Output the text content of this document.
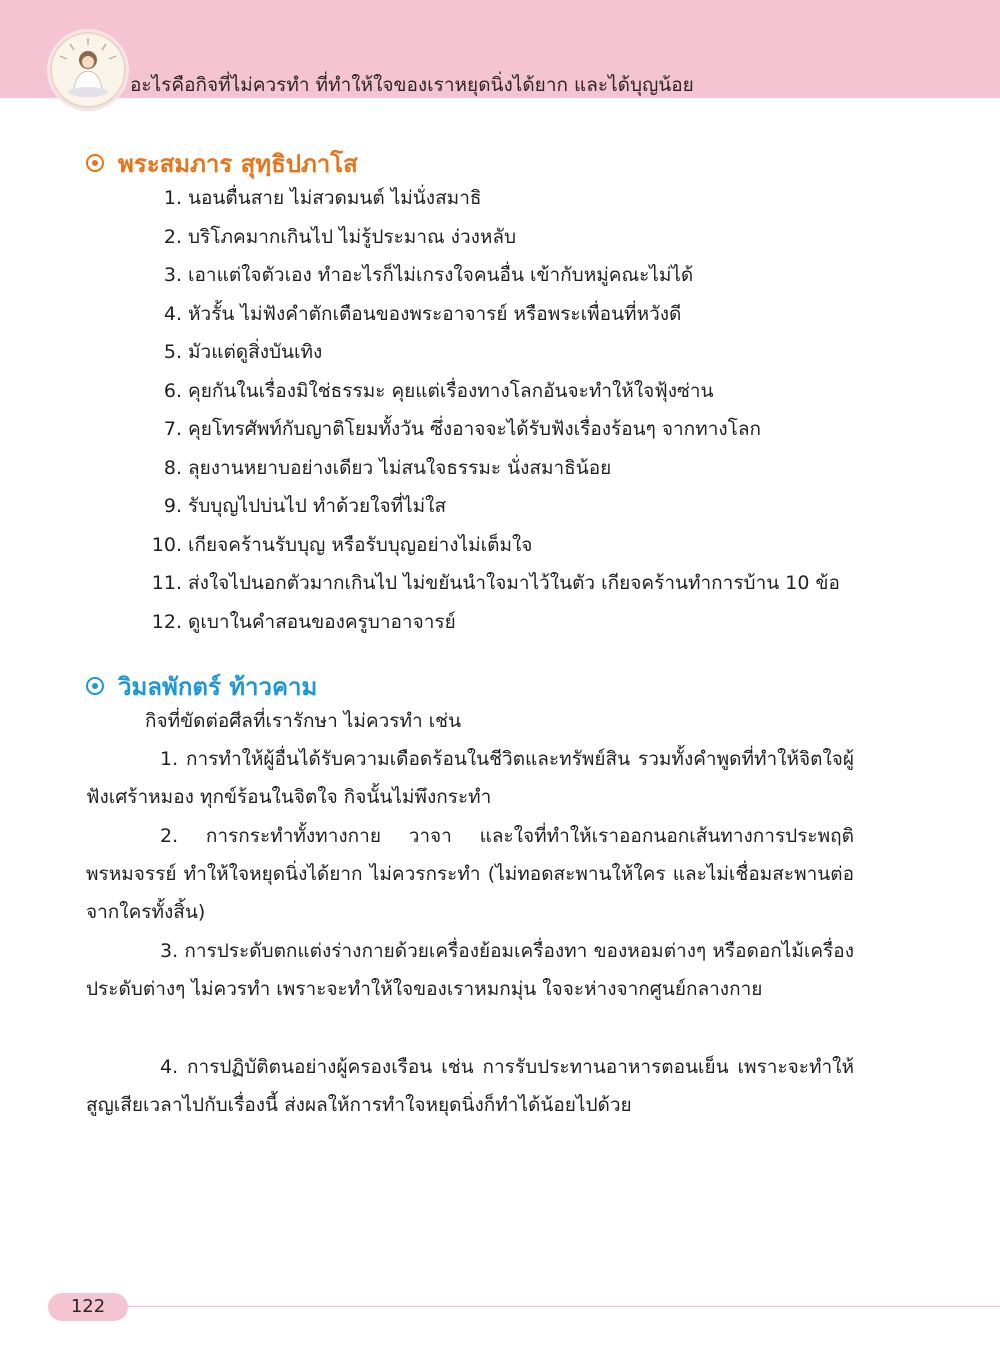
อะไรคือกิจที่ไม่ควรทำ ที่ทำให้ใจของเราหยุดนิ่งได้ยาก และได้บุญน้อย
พระสมภาร สุทฺธิปภาโส
1. นอนตื่นสาย ไม่สวดมนต์ ไม่นั่งสมาธิ
2. บริโภคมากเกินไป ไม่รู้ประมาณ ง่วงหลับ
3. เอาแต่ใจตัวเอง ทำอะไรก็ไม่เกรงใจคนอื่น เข้ากับหมู่คณะไม่ได้
4. หัวรั้น ไม่ฟังคำตักเตือนของพระอาจารย์ หรือพระเพื่อนที่หวังดี
5. มัวแต่ดูสิ่งบันเทิง
6. คุยกันในเรื่องมิใช่ธรรมะ คุยแต่เรื่องทางโลกอันจะทำให้ใจฟุ้งซ่าน
7. คุยโทรศัพท์กับญาติโยมทั้งวัน ซึ่งอาจจะได้รับฟังเรื่องร้อนๆ จากทางโลก
8. ลุยงานหยาบอย่างเดียว ไม่สนใจธรรมะ นั่งสมาธิน้อย
9. รับบุญไปบ่นไป ทำด้วยใจที่ไม่ใส
10. เกียจคร้านรับบุญ หรือรับบุญอย่างไม่เต็มใจ
11. ส่งใจไปนอกตัวมากเกินไป ไม่ขยันนำใจมาไว้ในตัว เกียจคร้านทำการบ้าน 10 ข้อ
12. ดูเบาในคำสอนของครูบาอาจารย์
วิมลพักตร์ ท้าวคาม
กิจที่ขัดต่อศีลที่เรารักษา ไม่ควรทำ เช่น
1. การทำให้ผู้อื่นได้รับความเดือดร้อนในชีวิตและทรัพย์สิน รวมทั้งคำพูดที่ทำให้จิตใจผู้ฟังเศร้าหมอง ทุกข์ร้อนในจิตใจ กิจนั้นไม่พึงกระทำ
2. การกระทำทั้งทางกาย วาจา และใจที่ทำให้เราออกนอกเส้นทางการประพฤติพรหมจรรย์ ทำให้ใจหยุดนิ่งได้ยาก ไม่ควรกระทำ (ไม่ทอดสะพานให้ใคร และไม่เชื่อมสะพานต่อจากใครทั้งสิ้น)
3. การประดับตกแต่งร่างกายด้วยเครื่องย้อมเครื่องทา ของหอมต่างๆ หรือดอกไม้เครื่องประดับต่างๆ ไม่ควรทำ เพราะจะทำให้ใจของเราหมกมุ่น ใจจะห่างจากศูนย์กลางกาย
4. การปฏิบัติตนอย่างผู้ครองเรือน เช่น การรับประทานอาหารตอนเย็น เพราะจะทำให้สูญเสียเวลาไปกับเรื่องนี้ ส่งผลให้การทำใจหยุดนิ่งก็ทำได้น้อยไปด้วย
122
